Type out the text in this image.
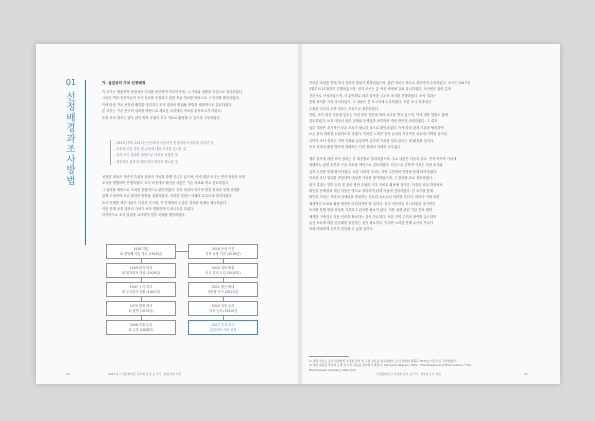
01
선정배경과 조사방법
가. 실업상의 가치 선정배경
이 조사는 생물학적 관점에서 가치를 판단하여 이루어지며, 그 가치와 내용을 중심으로 정리하였다.
그동안 여러 전문가들이 조사 자료를 수집하고 관련 학술 자료를 바탕으로 그 의미를 확인하였다.
이에 따라 가치 선정의 배경을 정리하고 조사 대상의 범위와 방법을 체계적으로 검토하였다.
본 조사는 기존 연구의 성과를 바탕으로 새로운 시각에서 자료를 분석하고자 하였다.
또한 조사 결과는 향후 관리 방안 수립의 기초 자료로 활용될 수 있도록 구성하였다.
- 1947년부터 2017년 산업에서 이루어진 선정대상의 변화를 정리한 것
- 어종과 어류 종류 및 분포에 대한 조사를 실시한 것
- 현지 조사 결과를 바탕으로 대상을 선정한 것
- 세부적인 항목에 대한 관리 방안을 제시한 것
선정된 대상은 자연적 특성과 문화적 가치를 함께 지니고 있으며, 이에 대한 조사는 현지 방문과 문헌
조사를 병행하여 진행하였다. 조사 과정에서 확인된 내용은 기존 자료와 비교 검토하였고,
그 결과를 바탕으로 가치를 종합적으로 판단하였다. 특히 대상의 역사적 변천 과정과 현재 상태를
함께 고려하여 보존 관리의 방향을 설정하였다. 이러한 결과는 아래의 흐름도에 정리하였다.
조사 단계별 세부 내용은 다음과 같으며, 각 단계에서 도출된 결과를 차례로 제시하였다.
이를 통해 선정 대상의 가치가 보다 명확하게 드러나도록 하였다.
마지막으로 조사 결과를 요약하여 향후 과제를 제안하였다.
1916 개업
최 첫번째 사업 개시 (1916년)
1929 합자 회사
최 합자회사 설립 (1929년)
1947 주식 회사
최 주식회사 전환 (1947년)
1970 합병 회사
최 합병 (1970년)
2008 지정 등록
최 등록 (2008년)
2016 공장 이전
신축 공장 이전 (2016년)
2015 설비 확충
신규 설비 도입 (2015년)
2011 생산 확대
생산량 증가 (2011년)
2010 상표 등록
상표 등록 (2010년)
2017 추가 조사
실업상의 가치 선정
64	2017년 근대문화유산 목록화 조사 보고서 · 실업상의 가치
이러한 과정을 통해 조사 대상의 범위가 확정되었으며, 관련 자료는 별도로 정리하여 수록하였다. 조사는 2017년
3월부터 11월까지 진행되었으며, 현지 조사는 총 여섯 차례에 걸쳐 실시하였다. 조사팀은 관련 분야
전문가로 구성하였으며, 각 분야별로 세부 항목을 나누어 조사를 진행하였다. 조사 결과는
종합 회의를 거쳐 정리되었고, 그 내용은 본 보고서에 수록하였다. 또한 조사 과정에서
수집된 사진과 도면 자료는 부록으로 첨부하였다.
한편, 조사 대상 가운데 일부는 이미 관련 법령에 따라 보호를 받고 있으며, 이에 대한 현황도 함께
검토하였다. 보호 대상의 관리 실태와 문제점을 파악하여 개선 방안을 마련하였다. 그 결과
일부 대상은 추가적인 보존 조치가 필요한 것으로 확인되었다. 이에 따라 관계 기관과 협의하여
보존 관리 계획을 수립하도록 하였다. 이러한 노력은 향후 유산의 지속적인 보호에 기여할 것이다.
나아가 조사 결과는 지역 사회와 공유하여 유산의 가치를 널리 알리는 데 활용될 것이다.
조사 결과의 활용 방안에 대해서는 다음 장에서 자세히 다루었다.
세부 항목에 대한 조사 결과는 각 대상별로 정리하였으며, 주요 내용은 다음과 같다. 먼저 역사적 가치에
대해서는 관련 문헌과 구술 자료를 바탕으로 검토하였다. 다음으로 건축적 가치는 현장 조사와
실측 도면을 통해 확인하였다. 또한 사회적 가치는 지역 주민과의 면담을 통해 파악하였다.
이러한 조사 결과를 종합하여 대상별 가치를 평가하였으며, 그 결과를 표로 정리하였다.
평가 결과는 향후 등록 및 관리 방안 수립의 기초 자료로 활용될 것이다. 아울러 조사 과정에서
확인된 문제점과 개선 사항은 별도로 정리하여 관계 기관에 전달하였다. 본 조사를 통해
확인된 가치는 지역의 정체성을 형성하는 중요한 요소로서 의미를 지닌다. 따라서 이에 대한
체계적인 보호와 활용 방안이 마련되어야 할 것이다. 특히 지속적인 모니터링과 정기적인
조사를 통해 변화 양상을 기록하고 관리할 필요가 있다. 이를 위해 관련 기관 간의 협력
체계를 구축하고 전문 인력을 확보하는 것이 중요하다. 또한 지역 주민의 참여를 유도하여
유산 보호에 대한 공감대를 형성하는 것이 필요하다. 이러한 노력을 통해 유산의 가치가
미래 세대에게 온전히 전달될 수 있을 것이다.
1) 관련 자료는 조사 과정에서 수집한 문헌 및 구술 자료를 참고하였다. 조사 대상의 현황은 2017년 기준으로 작성하였다.
2) 세부 내용은 부록의 도면 및 사진 자료를 참고하기 바란다. Cornelius Osgood, 1951, "The Koreans and Their Culture," The
Ronald press company, New York.
근대문화유산 목록화 조사 보고서 · 제1장 조사 개요	65
